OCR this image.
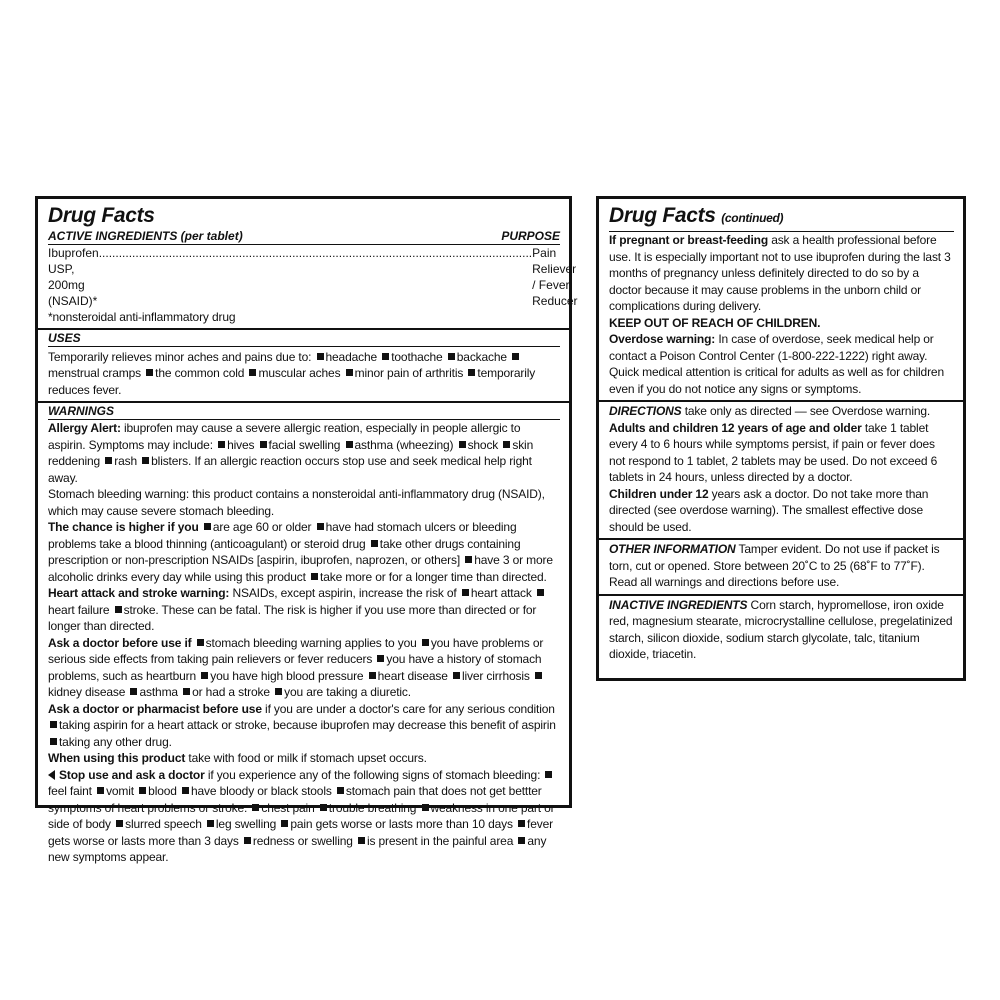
Drug Facts
ACTIVE INGREDIENTS (per tablet)	PURPOSE
Ibuprofen USP, 200mg (NSAID)*
.................................................................................................................................. Pain Reliever / Fever Reducer
*nonsteroidal anti-inflammatory drug
USES
Temporarily relieves minor aches and pains due to: headache toothache backache menstrual cramps the common cold muscular aches minor pain of arthritis temporarily reduces fever.
WARNINGS
Allergy Alert: ibuprofen may cause a severe allergic reation, especially in people allergic to aspirin. Symptoms may include: hives facial swelling asthma (wheezing) shock skin reddening rash blisters. If an allergic reaction occurs stop use and seek medical help right away.
Stomach bleeding warning: this product contains a nonsteroidal anti-inflammatory drug (NSAID), which may cause severe stomach bleeding.
The chance is higher if you are age 60 or older have had stomach ulcers or bleeding problems take a blood thinning (anticoagulant) or steroid drug take other drugs containing prescription or non-prescription NSAIDs [aspirin, ibuprofen, naprozen, or others] have 3 or more alcoholic drinks every day while using this product take more or for a longer time than directed.
Heart attack and stroke warning: NSAIDs, except aspirin, increase the risk of heart attack heart failure stroke. These can be fatal. The risk is higher if you use more than directed or for longer than directed.
Ask a doctor before use if stomach bleeding warning applies to you you have problems or serious side effects from taking pain relievers or fever reducers you have a history of stomach problems, such as heartburn you have high blood pressure heart disease liver cirrhosis kidney disease asthma or had a stroke you are taking a diuretic.
Ask a doctor or pharmacist before use if you are under a doctor's care for any serious condition taking aspirin for a heart attack or stroke, because ibuprofen may decrease this benefit of aspirin taking any other drug.
When using this product take with food or milk if stomach upset occurs.
Stop use and ask a doctor if you experience any of the following signs of stomach bleeding: feel faint vomit blood have bloody or black stools stomach pain that does not get bettter symptoms of heart problems or stroke: chest pain trouble breathing weakness in one part or side of body slurred speech leg swelling pain gets worse or lasts more than 10 days fever gets worse or lasts more than 3 days redness or swelling is present in the painful area any new symptoms appear.
Drug Facts (continued)
If pregnant or breast-feeding ask a health professional before use. It is especially important not to use ibuprofen during the last 3 months of pregnancy unless definitely directed to do so by a doctor because it may cause problems in the unborn child or complications during delivery.
KEEP OUT OF REACH OF CHILDREN.
Overdose warning: In case of overdose, seek medical help or contact a Poison Control Center (1-800-222-1222) right away. Quick medical attention is critical for adults as well as for children even if you do not notice any signs or symptoms.
DIRECTIONS take only as directed — see Overdose warning.
Adults and children 12 years of age and older take 1 tablet every 4 to 6 hours while symptoms persist, if pain or fever does not respond to 1 tablet, 2 tablets may be used. Do not exceed 6 tablets in 24 hours, unless directed by a doctor.
Children under 12 years ask a doctor. Do not take more than directed (see overdose warning). The smallest effective dose should be used.
OTHER INFORMATION Tamper evident. Do not use if packet is torn, cut or opened. Store between 20˚C to 25 (68˚F to 77˚F). Read all warnings and directions before use.
INACTIVE INGREDIENTS Corn starch, hypromellose, iron oxide red, magnesium stearate, microcrystalline cellulose, pregelatinized starch, silicon dioxide, sodium starch glycolate, talc, titanium dioxide, triacetin.
